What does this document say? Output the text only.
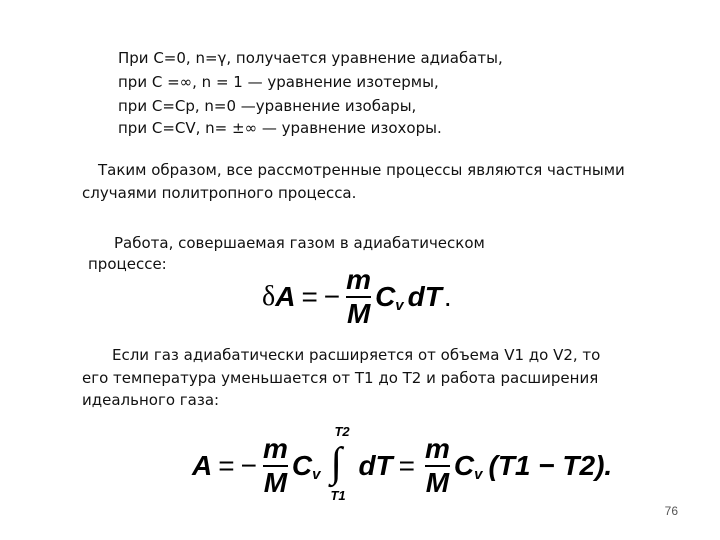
При C=0, n=γ, получается уравнение адиабаты,
при C =∞, n = 1 — уравнение изотермы,
при C=Cp, n=0 —уравнение изобары,
при C=CV, n= ±∞ — уравнение изохоры.
Таким образом, все рассмотренные процессы являются частными
случаями политропного процесса.
Работа, совершаемая газом в адиабатическом
процессе:
Если газ адиабатически расширяется от объема V1 до V2, то
его температура уменьшается от T1 до T2 и работа расширения
идеального газа:
δ A = − $\frac{m}{M}$ C v dT .
A = − $\frac{m}{M}$ C v
T2
∫
T1
dT = $\frac{m}{M}$ C v (T1 − T2).
76
